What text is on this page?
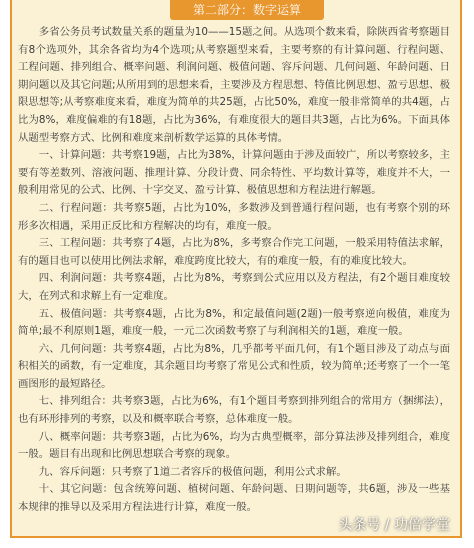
第二部分：数字运算

多省公务员考试数量关系的题量为10——15题之间。从选项个数来看，除陕西省考察题目有8个选项外，其余各省均为4个选项;从考察题型来看，主要考察的有计算问题、行程问题、工程问题、排列组合、概率问题、利润问题、极值问题、容斥问题、几何问题、年龄问题、日期问题以及其它问题;从所用到的思想来看，主要涉及方程思想、特值比例思想、盈亏思想、极限思想等;从考察难度来看，难度为简单的共25题，占比50%，难度一般非常简单的共4题，占比为8%，难度偏难的有18题，占比为36%，有难度很大的题目共3题，占比为6%。下面具体从题型考察方式、比例和难度来剖析数学运算的具体考情。

一、计算问题：共考察19题，占比为38%，计算问题由于涉及面较广，所以考察较多，主要有等差数列、溶液问题、推理计算、分段计费、同余特性、平均数计算等，难度并不大，一般利用常见的公式、比例、十字交叉、盈亏计算、极值思想和方程法进行解题。

二、行程问题：共考察5题，占比为10%，多数涉及到普通行程问题，也有考察个别的环形多次相遇，采用正反比和方程解决的均有，难度一般。

三、工程问题：共考察了4题，占比为8%，多考察合作完工问题，一般采用特值法求解，有的题目也可以使用比例法求解，难度跨度比较大，有的难度一般，有的难度比较大。

四、利润问题：共考察4题，占比为8%，考察到公式应用以及方程法，有2个题目难度较大，在列式和求解上有一定难度。

五、极值问题：共考察4题，占比为8%，和定最值问题(2题)一般考察逆向极值，难度为简单;最不利原则1题，难度一般，一元二次函数考察了与利润相关的1题，难度一般。

六、几何问题：共考察4题，占比为8%，几乎都考平面几何，有1个题目涉及了动点与面积相关的函数，有一定难度，其余题目均考察了常见公式和性质，较为简单;还考察了一个一笔画图形的最短路径。

七、排列组合：共考察3题，占比为6%，有1个题目考察到排列组合的常用方（捆绑法），也有环形排列的考察，以及和概率联合考察，总体难度一般。

八、概率问题：共考察3题，占比为6%，均为古典型概率，部分算法涉及排列组合，难度一般。题目有出现和比例思想联合考察的现象。

九、容斥问题：只考察了1道二者容斥的极值问题，利用公式求解。

十、其它问题：包含统筹问题、植树问题、年龄问题、日期问题等，共6题，涉及一些基本规律的推导以及采用方程法进行计算，难度一般。

头条号 / 功倍学堂
